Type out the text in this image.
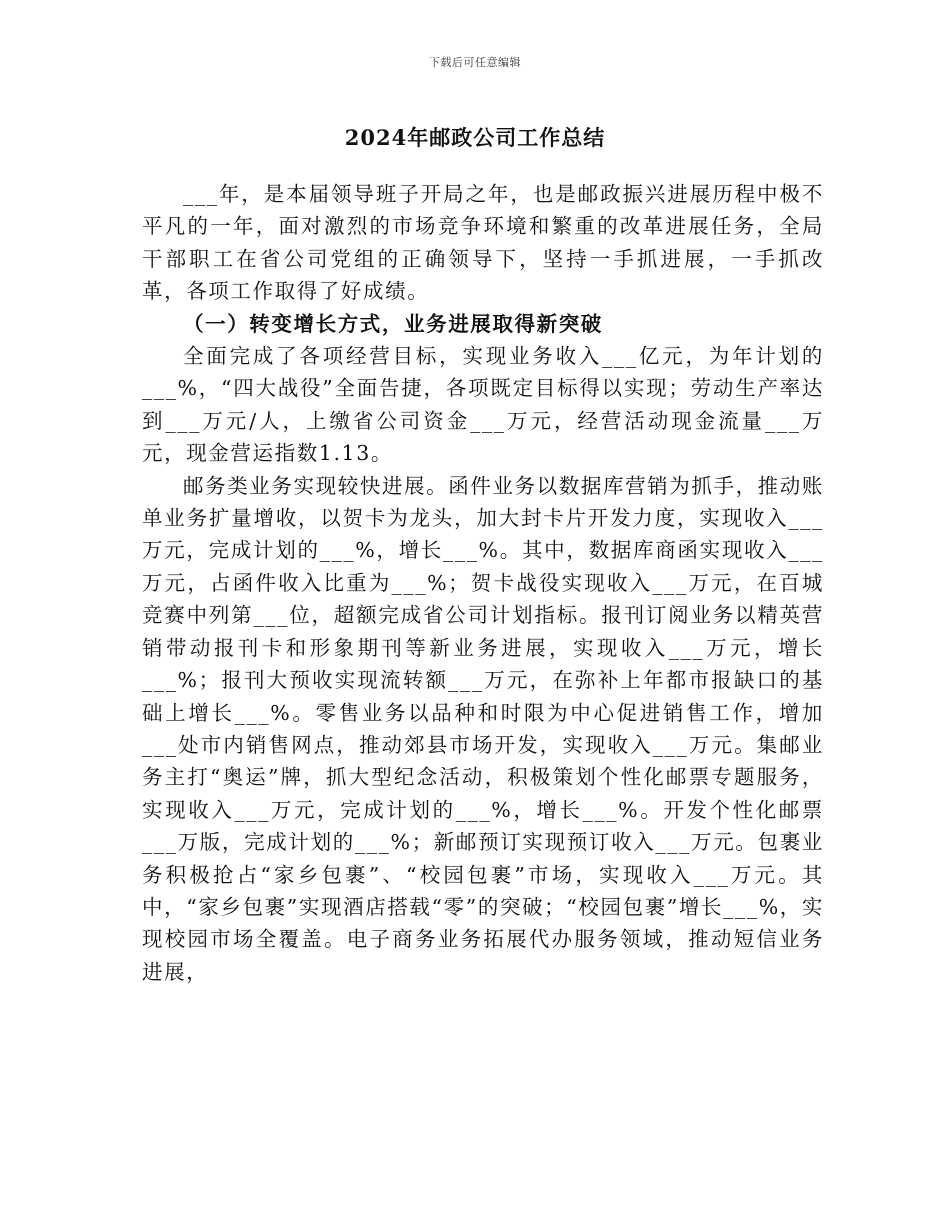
下载后可任意编辑
2024年邮政公司工作总结

___年，是本届领导班子开局之年，也是邮政振兴进展历程中极不平凡的一年，面对激烈的市场竞争环境和繁重的改革进展任务，全局干部职工在省公司党组的正确领导下，坚持一手抓进展，一手抓改革，各项工作取得了好成绩。

（一）转变增长方式，业务进展取得新突破

全面完成了各项经营目标，实现业务收入___亿元，为年计划的___%，“四大战役”全面告捷，各项既定目标得以实现；劳动生产率达到___万元/人，上缴省公司资金___万元，经营活动现金流量___万元，现金营运指数1.13。

邮务类业务实现较快进展。函件业务以数据库营销为抓手，推动账单业务扩量增收，以贺卡为龙头，加大封卡片开发力度，实现收入___万元，完成计划的___%，增长___%。其中，数据库商函实现收入___万元，占函件收入比重为___%；贺卡战役实现收入___万元，在百城竞赛中列第___位，超额完成省公司计划指标。报刊订阅业务以精英营销带动报刊卡和形象期刊等新业务进展，实现收入___万元，增长___%；报刊大预收实现流转额___万元，在弥补上年都市报缺口的基础上增长___%。零售业务以品种和时限为中心促进销售工作，增加___处市内销售网点，推动郊县市场开发，实现收入___万元。集邮业务主打“奥运”牌，抓大型纪念活动，积极策划个性化邮票专题服务，实现收入___万元，完成计划的___%，增长___%。开发个性化邮票___万版，完成计划的___%；新邮预订实现预订收入___万元。包裹业务积极抢占“家乡包裹”、“校园包裹”市场，实现收入___万元。其中，“家乡包裹”实现酒店搭载“零”的突破；“校园包裹”增长___%，实现校园市场全覆盖。电子商务业务拓展代办服务领域，推动短信业务进展，
